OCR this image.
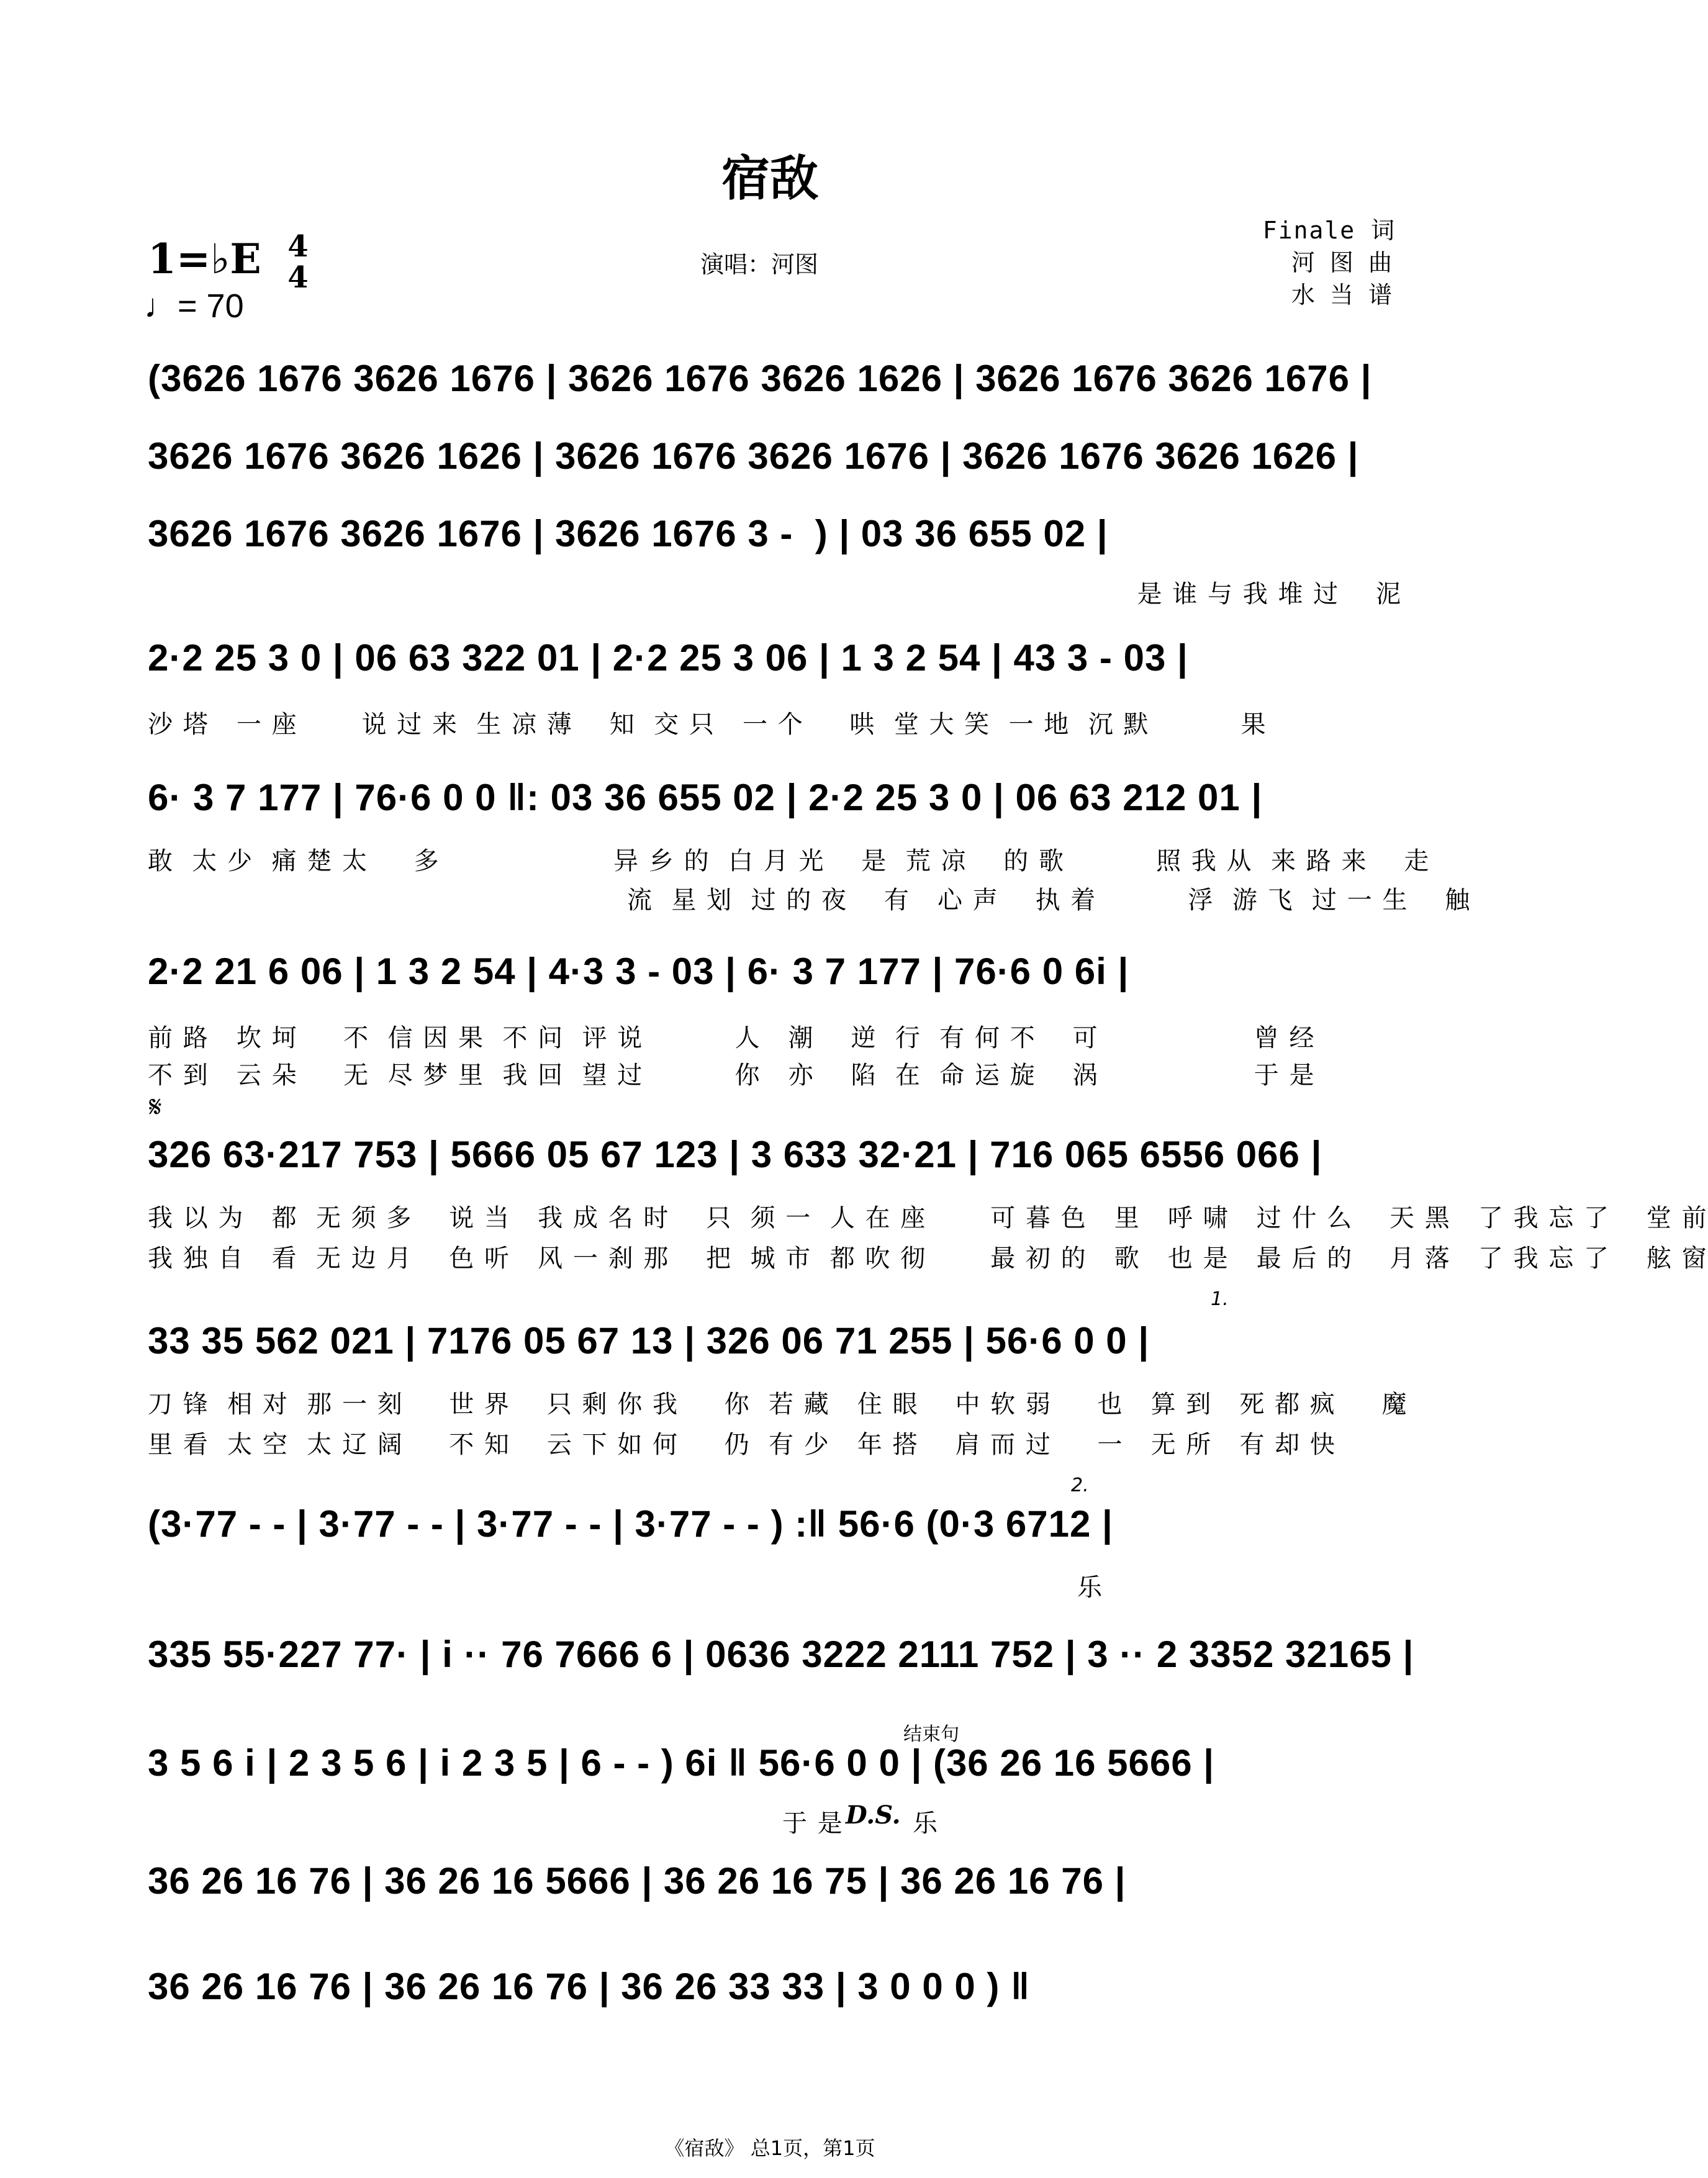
宿敌
1=♭E 4
4
♩= 70
演唱：河图
Finale 词
河 图 曲
水 当 谱
(3626 1676 3626 1676 | 3626 1676 3626 1626 | 3626 1676 3626 1676 |
3626 1676 3626 1626 | 3626 1676 3626 1676 | 3626 1676 3626 1626 |
3626 1676 3626 1676 | 3626 1676 3 -  ) | 03 36 655 02 |
是 谁 与 我 堆 过    泥
2·2 25 3 0 | 06 63 322 01 | 2·2 25 3 06 | 1 3 2 54 | 43 3 - 03 |
沙 塔   一 座       说 过 来  生 凉 薄    知  交 只   一 个     哄  堂 大 笑  一 地  沉 默          果
6· 3 7 177 | 76·6 0 0 ‖: 03 36 655 02 | 2·2 25 3 0 | 06 63 212 01 |
敢  太 少  痛 楚 太     多                   异 乡 的  白 月 光    是  荒 凉    的 歌          照 我 从  来 路 来    走
流  星 划  过 的 夜    有   心 声    执 着          浮  游 飞  过 一 生    触
2·2 21 6 06 | 1 3 2 54 | 4·3 3 - 03 | 6· 3 7 177 | 76·6 0 6i |
前 路   坎 坷     不  信 因 果  不 问  评 说          人   潮    逆  行  有 何 不    可                 曾 经
不 到   云 朵     无  尽 梦 里  我 回  望 过          你   亦    陷  在  命 运 旋    涡                 于 是
𝄋
326 63·217 753 | 5666 05 67 123 | 3 633 32·21 | 716 065 6556 066 |
我 以 为   都  无 须 多    说 当   我 成 名 时    只  须 一  人 在 座       可 暮 色   里   呼 啸   过 什 么    天 黑   了 我 忘 了    堂 前
我 独 自   看  无 边 月    色 听   风 一 刹 那    把  城 市  都 吹 彻       最 初 的   歌   也 是   最 后 的    月 落   了 我 忘 了    舷 窗
1.
33 35 562 021 | 7176 05 67 13 | 326 06 71 255 | 56·6 0 0 |
刀 锋  相 对  那 一 刻     世 界    只 剩 你 我     你  若 藏   住 眼    中 软 弱     也   算 到   死 都 疯     魔
里 看  太 空  太 辽 阔     不 知    云 下 如 何     仍  有 少   年 搭    肩 而 过     一   无 所   有 却 快
2.
(3·77 - - | 3·77 - - | 3·77 - - | 3·77 - - ) :‖ 56·6 (0·3 6712 |
乐
335 55·227 77· | i ·· 76 7666 6 | 0636 3222 2111 752 | 3 ·· 2 3352 32165 |
结束句
3 5 6 i | 2 3 5 6 | i 2 3 5 | 6 - - ) 6i ‖ 56·6 0 0 | (36 26 16 5666 |
于 是 D.S. 乐
36 26 16 76 | 36 26 16 5666 | 36 26 16 75 | 36 26 16 76 |
36 26 16 76 | 36 26 16 76 | 36 26 33 33 | 3 0 0 0 ) ‖
《宿敌》 总1页，第1页
